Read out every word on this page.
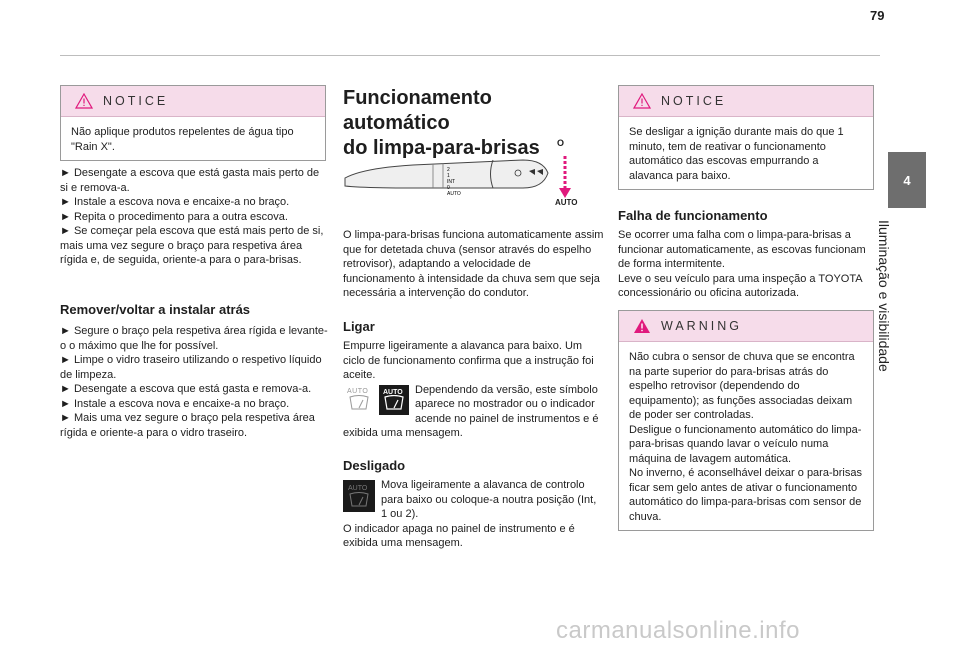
79
4
Iluminação e visibilidade
NOTICE
Não aplique produtos repelentes de água tipo "Rain X".

► Desengate a escova que está gasta mais perto de si e remova-a.

► Instale a escova nova e encaixe-a no braço.

► Repita o procedimento para a outra escova.

► Se começar pela escova que está mais perto de si, mais uma vez segure o braço para respetiva área rígida e, de seguida, oriente-a para o para-brisas.

Remover/voltar a instalar atrás

► Segure o braço pela respetiva área rígida e levante-o o máximo que lhe for possível.

► Limpe o vidro traseiro utilizando o respetivo líquido de limpeza.

► Desengate a escova que está gasta e remova-a.

► Instale a escova nova e encaixe-a no braço.

► Mais uma vez segure o braço pela respetiva área rígida e oriente-a para o vidro traseiro.

Funcionamento automático
do limpa-para-brisas
2
1
INT
0
AUTO
O
AUTO
O limpa-para-brisas funciona automaticamente assim que for detetada chuva (sensor através do espelho retrovisor), adaptando a velocidade de funcionamento à intensidade da chuva sem que seja necessária a intervenção do condutor.
Ligar

Empurre ligeiramente a alavanca para baixo. Um ciclo de funcionamento confirma que a instrução foi aceite.

AUTO AUTO	Dependendo da versão, este símbolo aparece no mostrador ou o indicador acende no painel de instrumentos e é exibida uma mensagem.

Desligado
AUTO	Mova ligeiramente a alavanca de controlo para baixo ou coloque-a noutra posição (Int, 1 ou 2).

O indicador apaga no painel de instrumento e é exibida uma mensagem.

NOTICE
Se desligar a ignição durante mais do que 1 minuto, tem de reativar o funcionamento automático das escovas empurrando a alavanca para baixo.
Falha de funcionamento
Se ocorrer uma falha com o limpa-para-brisas a funcionar automaticamente, as escovas funcionam de forma intermitente.
Leve o seu veículo para uma inspeção a TOYOTA concessionário ou oficina autorizada.
WARNING
Não cubra o sensor de chuva que se encontra na parte superior do para-brisas atrás do espelho retrovisor (dependendo do equipamento); as funções associadas deixam de poder ser controladas.
Desligue o funcionamento automático do limpa-para-brisas quando lavar o veículo numa máquina de lavagem automática.
No inverno, é aconselhável deixar o para-brisas ficar sem gelo antes de ativar o funcionamento automático do limpa-para-brisas com sensor de chuva.
carmanualsonline.info
